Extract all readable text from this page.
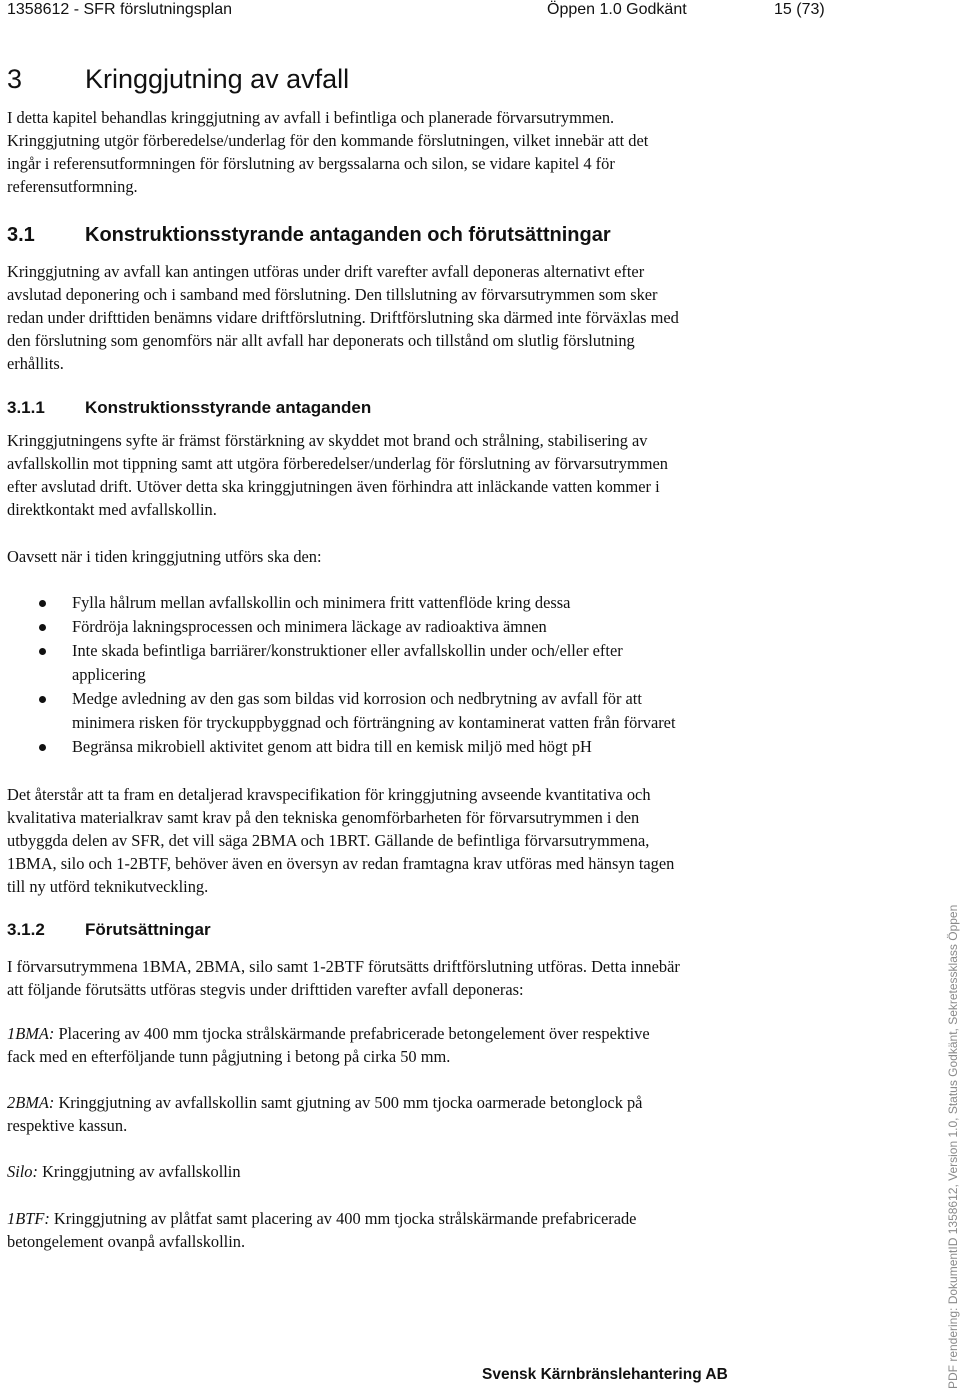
1358612 - SFR förslutningsplan	Öppen 1.0 Godkänt	15 (73)
3 Kringgjutning av avfall
I detta kapitel behandlas kringgjutning av avfall i befintliga och planerade förvarsutrymmen.
Kringgjutning utgör förberedelse/underlag för den kommande förslutningen, vilket innebär att det
ingår i referensutformningen för förslutning av bergssalarna och silon, se vidare kapitel 4 för
referensutformning.
3.1	Konstruktionsstyrande antaganden och förutsättningar
Kringgjutning av avfall kan antingen utföras under drift varefter avfall deponeras alternativt efter
avslutad deponering och i samband med förslutning. Den tillslutning av förvarsutrymmen som sker
redan under drifttiden benämns vidare driftförslutning. Driftförslutning ska därmed inte förväxlas med
den förslutning som genomförs när allt avfall har deponerats och tillstånd om slutlig förslutning
erhållits.
3.1.1 Konstruktionsstyrande antaganden
Kringgjutningens syfte är främst förstärkning av skyddet mot brand och strålning, stabilisering av
avfallskollin mot tippning samt att utgöra förberedelser/underlag för förslutning av förvarsutrymmen
efter avslutad drift. Utöver detta ska kringgjutningen även förhindra att inläckande vatten kommer i
direktkontakt med avfallskollin.
Oavsett när i tiden kringgjutning utförs ska den:
Fylla hålrum mellan avfallskollin och minimera fritt vattenflöde kring dessa
Fördröja lakningsprocessen och minimera läckage av radioaktiva ämnen
Inte skada befintliga barriärer/konstruktioner eller avfallskollin under och/eller efter
applicering
Medge avledning av den gas som bildas vid korrosion och nedbrytning av avfall för att
minimera risken för tryckuppbyggnad och förträngning av kontaminerat vatten från förvaret
Begränsa mikrobiell aktivitet genom att bidra till en kemisk miljö med högt pH
Det återstår att ta fram en detaljerad kravspecifikation för kringgjutning avseende kvantitativa och
kvalitativa materialkrav samt krav på den tekniska genomförbarheten för förvarsutrymmen i den
utbyggda delen av SFR, det vill säga 2BMA och 1BRT. Gällande de befintliga förvarsutrymmena,
1BMA, silo och 1-2BTF, behöver även en översyn av redan framtagna krav utföras med hänsyn tagen
till ny utförd teknikutveckling.
3.1.2 Förutsättningar
I förvarsutrymmena 1BMA, 2BMA, silo samt 1-2BTF förutsätts driftförslutning utföras. Detta innebär
att följande förutsätts utföras stegvis under drifttiden varefter avfall deponeras:
1BMA: Placering av 400 mm tjocka strålskärmande prefabricerade betongelement över respektive
fack med en efterföljande tunn pågjutning i betong på cirka 50 mm.
2BMA: Kringgjutning av avfallskollin samt gjutning av 500 mm tjocka oarmerade betonglock på
respektive kassun.
Silo: Kringgjutning av avfallskollin
1BTF: Kringgjutning av plåtfat samt placering av 400 mm tjocka strålskärmande prefabricerade
betongelement ovanpå avfallskollin.
Svensk Kärnbränslehantering AB	PDF rendering: DokumentID 1358612, Version 1.0, Status Godkänt, Sekretessklass Öppen
